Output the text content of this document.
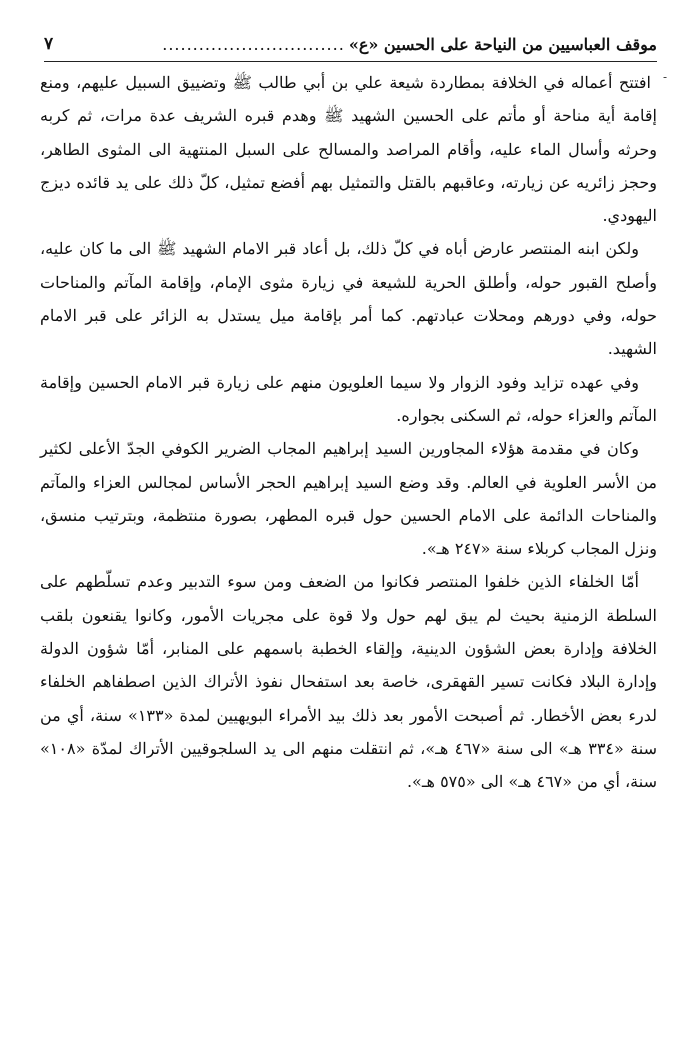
موقف العباسيين من النياحة على الحسين «ع»
..............................
٧
-

افتتح أعماله في الخلافة بمطاردة شيعة علي بن أبي طالب ﷺ وتضييق السبيل عليهم، ومنع إقامة أية مناحة أو مأتم على الحسين الشهيد ﷺ وهدم قبره الشريف عدة مرات، ثم كربه وحرثه وأسال الماء عليه، وأقام المراصد والمسالح على السبل المنتهية الى المثوى الطاهر، وحجز زائريه عن زيارته، وعاقبهم بالقتل والتمثيل بهم أفضع تمثيل، كلّ ذلك على يد قائده ديزج اليهودي.

ولكن ابنه المنتصر عارض أباه في كلّ ذلك، بل أعاد قبر الامام الشهيد ﷺ الى ما كان عليه، وأصلح القبور حوله، وأطلق الحرية للشيعة في زيارة مثوى الإمام، وإقامة المآتم والمناحات حوله، وفي دورهم ومحلات عبادتهم. كما أمر بإقامة ميل يستدل به الزائر على قبر الامام الشهيد.

وفي عهده تزايد وفود الزوار ولا سيما العلويون منهم على زيارة قبر الامام الحسين وإقامة المآتم والعزاء حوله، ثم السكنى بجواره.

وكان في مقدمة هؤلاء المجاورين السيد إبراهيم المجاب الضرير الكوفي الجدّ الأعلى لكثير من الأسر العلوية في العالم. وقد وضع السيد إبراهيم الحجر الأساس لمجالس العزاء والمآتم والمناحات الدائمة على الامام الحسين حول قبره المطهر، بصورة منتظمة، وبترتيب منسق، ونزل المجاب كربلاء سنة «٢٤٧ هـ».

أمّا الخلفاء الذين خلفوا المنتصر فكانوا من الضعف ومن سوء التدبير وعدم تسلّطهم على السلطة الزمنية بحيث لم يبق لهم حول ولا قوة على مجريات الأمور، وكانوا يقنعون بلقب الخلافة وإدارة بعض الشؤون الدينية، وإلقاء الخطبة باسمهم على المنابر، أمّا شؤون الدولة وإدارة البلاد فكانت تسير القهقرى، خاصة بعد استفحال نفوذ الأتراك الذين اصطفاهم الخلفاء لدرء بعض الأخطار. ثم أصبحت الأمور بعد ذلك بيد الأمراء البويهيين لمدة «١٣٣» سنة، أي من سنة «٣٣٤ هـ» الى سنة «٤٦٧ هـ»، ثم انتقلت منهم الى يد السلجوقيين الأتراك لمدّة «١٠٨» سنة، أي من «٤٦٧ هـ» الى «٥٧٥ هـ».
